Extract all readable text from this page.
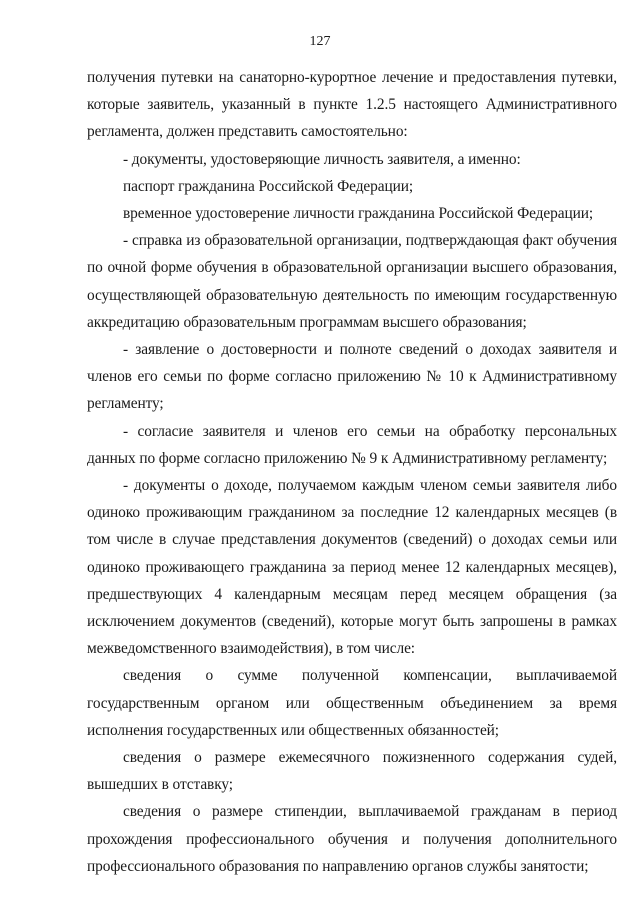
127

получения путевки на санаторно-курортное лечение и предоставления путевки, которые заявитель, указанный в пункте 1.2.5 настоящего Административного регламента, должен представить самостоятельно:

- документы, удостоверяющие личность заявителя, а именно:

паспорт гражданина Российской Федерации;

временное удостоверение личности гражданина Российской Федерации;

- справка из образовательной организации, подтверждающая факт обучения по очной форме обучения в образовательной организации высшего образования, осуществляющей образовательную деятельность по имеющим государственную аккредитацию образовательным программам высшего образования;

- заявление о достоверности и полноте сведений о доходах заявителя и членов его семьи по форме согласно приложению № 10 к Административному регламенту;

- согласие заявителя и членов его семьи на обработку персональных данных по форме согласно приложению № 9 к Административному регламенту;

- документы о доходе, получаемом каждым членом семьи заявителя либо одиноко проживающим гражданином за последние 12 календарных месяцев (в том числе в случае представления документов (сведений) о доходах семьи или одиноко проживающего гражданина за период менее 12 календарных месяцев), предшествующих 4 календарным месяцам перед месяцем обращения (за исключением документов (сведений), которые могут быть запрошены в рамках межведомственного взаимодействия), в том числе:

сведения о сумме полученной компенсации, выплачиваемой государственным органом или общественным объединением за время исполнения государственных или общественных обязанностей;

сведения о размере ежемесячного пожизненного содержания судей, вышедших в отставку;

сведения о размере стипендии, выплачиваемой гражданам в период прохождения профессионального обучения и получения дополнительного профессионального образования по направлению органов службы занятости;
